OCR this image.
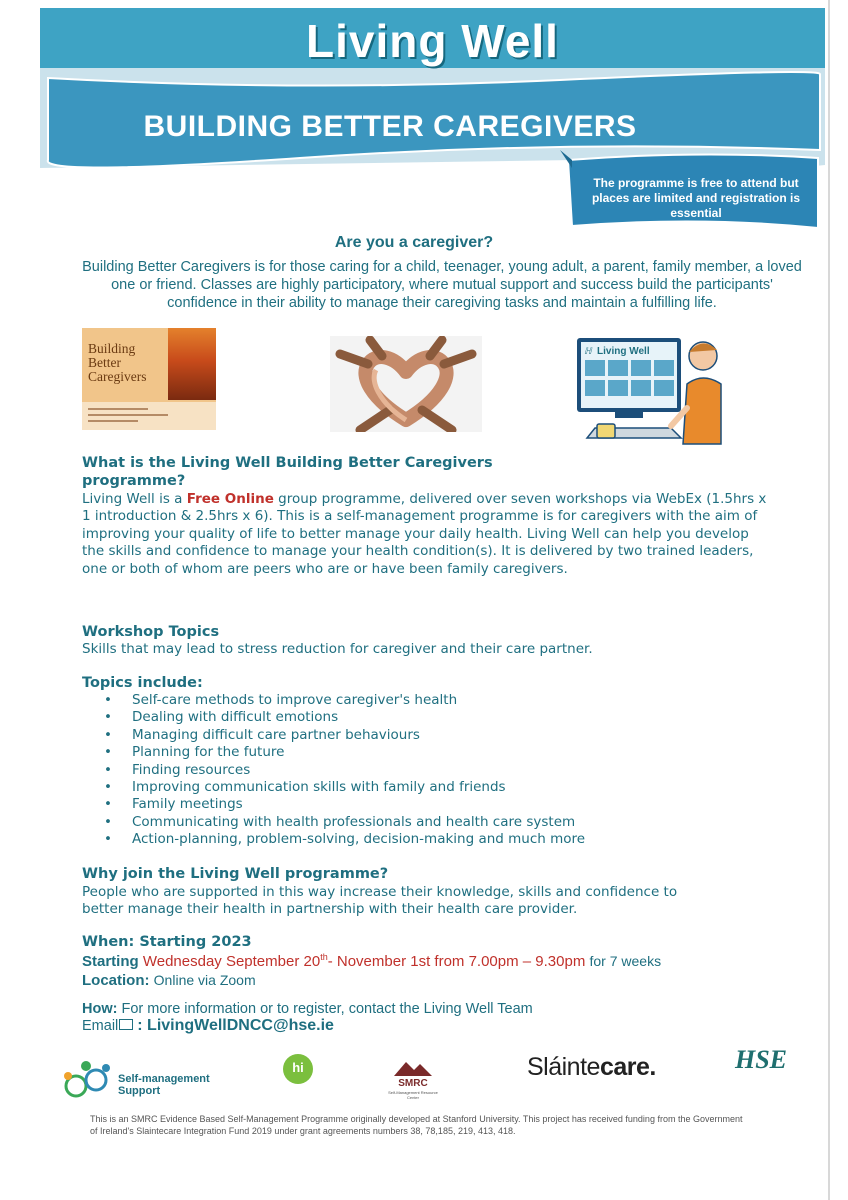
Living Well
BUILDING BETTER CAREGIVERS
The programme is free to attend but places are limited and registration is essential
Are you a caregiver?
Building Better Caregivers is for those caring for a child, teenager, young adult, a parent, family member, a loved one or friend. Classes are highly participatory, where mutual support and success build the participants' confidence in their ability to manage their caregiving tasks and maintain a fulfilling life.
Building
Better
Caregivers
Living Well
ℍ
What is the Living Well Building Better Caregivers
programme?
Living Well is a Free Online group programme, delivered over seven workshops via WebEx (1.5hrs x 1 introduction & 2.5hrs x 6). This is a self-management programme is for caregivers with the aim of improving your quality of life to better manage your daily health. Living Well can help you develop the skills and confidence to manage your health condition(s). It is delivered by two trained leaders, one or both of whom are peers who are or have been family caregivers.
Workshop Topics
Skills that may lead to stress reduction for caregiver and their care partner.
Topics include:
• Self-care methods to improve caregiver's health
• Dealing with difficult emotions
• Managing difficult care partner behaviours
• Planning for the future
• Finding resources
• Improving communication skills with family and friends
• Family meetings
• Communicating with health professionals and health care system
• Action-planning, problem-solving, decision-making and much more
Why join the Living Well programme?
People who are supported in this way increase their knowledge, skills and confidence to better manage their health in partnership with their health care provider.
When: Starting 2023
Starting Wednesday September 20th- November 1st from 7.00pm – 9.30pm for 7 weeks
Location: Online via Zoom
How: For more information or to register, contact the Living Well Team
Email : LivingWellDNCC@hse.ie
Self-management
Support
hi
SMRC
Self-Management Resource Center
Sláintecare.	HSE
This is an SMRC Evidence Based Self-Management Programme originally developed at Stanford University. This project has received funding from the Government of Ireland's Slaintecare Integration Fund 2019 under grant agreements numbers 38, 78,185, 219, 413, 418.
